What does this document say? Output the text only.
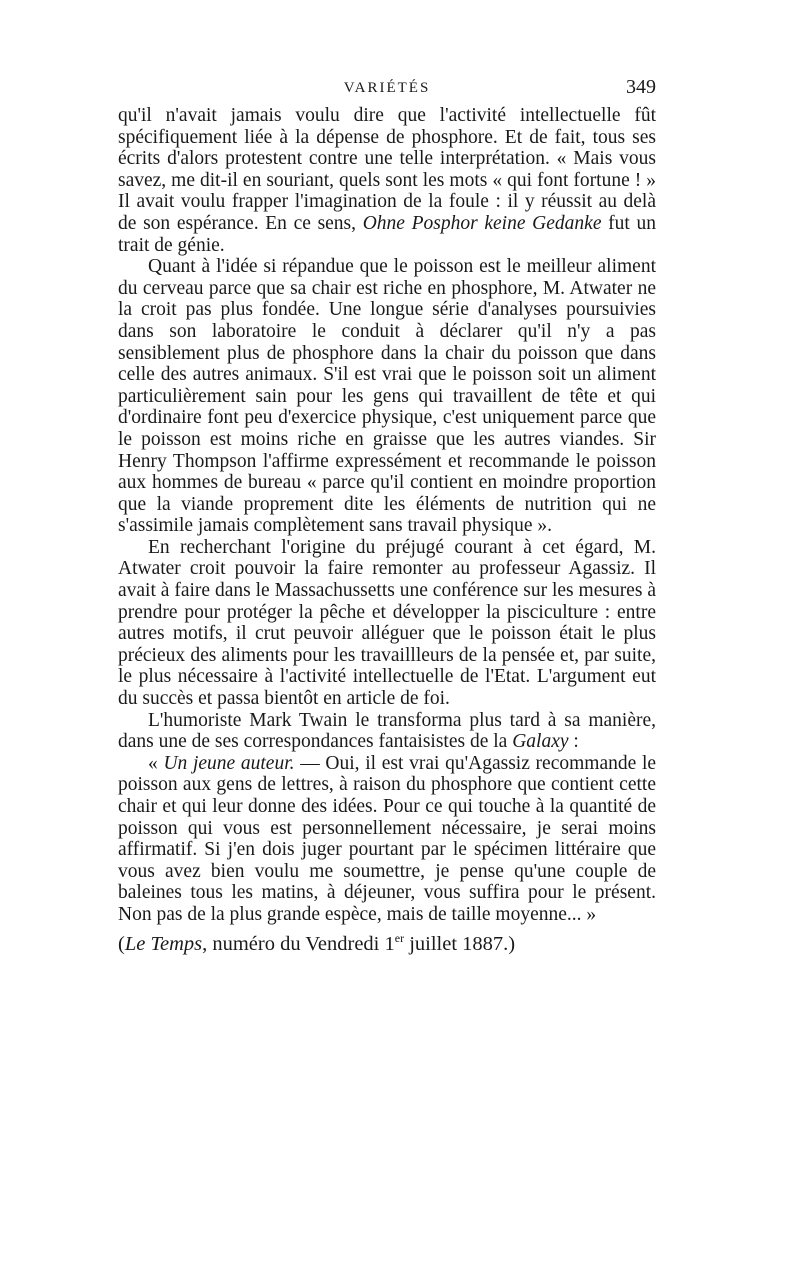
VARIÉTÉS	349

qu'il n'avait jamais voulu dire que l'activité intellectuelle fût spécifiquement liée à la dépense de phosphore. Et de fait, tous ses écrits d'alors protestent contre une telle interprétation. « Mais vous savez, me dit-il en souriant, quels sont les mots « qui font fortune ! » Il avait voulu frapper l'imagination de la foule : il y réussit au delà de son espérance. En ce sens, Ohne Posphor keine Gedanke fut un trait de génie.

Quant à l'idée si répandue que le poisson est le meilleur aliment du cerveau parce que sa chair est riche en phosphore, M. Atwater ne la croit pas plus fondée. Une longue série d'analyses poursuivies dans son laboratoire le conduit à déclarer qu'il n'y a pas sensiblement plus de phosphore dans la chair du poisson que dans celle des autres animaux. S'il est vrai que le poisson soit un aliment particulièrement sain pour les gens qui travaillent de tête et qui d'ordinaire font peu d'exercice physique, c'est uniquement parce que le poisson est moins riche en graisse que les autres viandes. Sir Henry Thompson l'affirme expressément et recommande le poisson aux hommes de bureau « parce qu'il contient en moindre proportion que la viande proprement dite les éléments de nutrition qui ne s'assimile jamais complètement sans travail physique ».

En recherchant l'origine du préjugé courant à cet égard, M. Atwater croit pouvoir la faire remonter au professeur Agassiz. Il avait à faire dans le Massachussetts une conférence sur les mesures à prendre pour protéger la pêche et développer la pisciculture : entre autres motifs, il crut peuvoir alléguer que le poisson était le plus précieux des aliments pour les travaillleurs de la pensée et, par suite, le plus nécessaire à l'activité intellectuelle de l'Etat. L'argument eut du succès et passa bientôt en article de foi.

L'humoriste Mark Twain le transforma plus tard à sa manière, dans une de ses correspondances fantaisistes de la Galaxy :

« Un jeune auteur. — Oui, il est vrai qu'Agassiz recommande le poisson aux gens de lettres, à raison du phosphore que contient cette chair et qui leur donne des idées. Pour ce qui touche à la quantité de poisson qui vous est personnellement nécessaire, je serai moins affirmatif. Si j'en dois juger pourtant par le spécimen littéraire que vous avez bien voulu me soumettre, je pense qu'une couple de baleines tous les matins, à déjeuner, vous suffira pour le présent. Non pas de la plus grande espèce, mais de taille moyenne... »

(Le Temps, numéro du Vendredi 1er juillet 1887.)
